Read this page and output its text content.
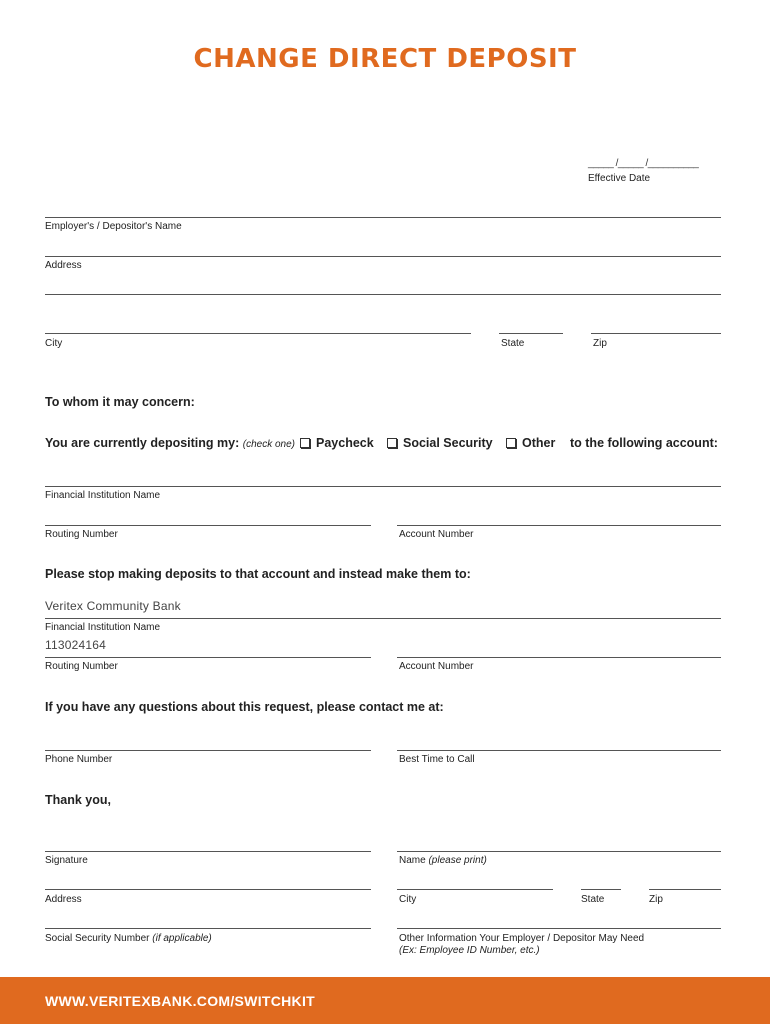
CHANGE DIRECT DEPOSIT
_____ /_____ /__________
Effective Date
Employer's / Depositor's Name
Address
City	State	Zip
To whom it may concern:
You are currently depositing my: (check one) Paycheck Social Security Other to the following account:
Financial Institution Name
Routing Number	Account Number
Please stop making deposits to that account and instead make them to:
Veritex Community Bank
Financial Institution Name
113024164
Routing Number	Account Number
If you have any questions about this request, please contact me at:
Phone Number	Best Time to Call
Thank you,
Signature	Name (please print)
Address	City	State	Zip
Social Security Number (if applicable)	Other Information Your Employer / Depositor May Need
(Ex: Employee ID Number, etc.)
WWW.VERITEXBANK.COM/SWITCHKIT
